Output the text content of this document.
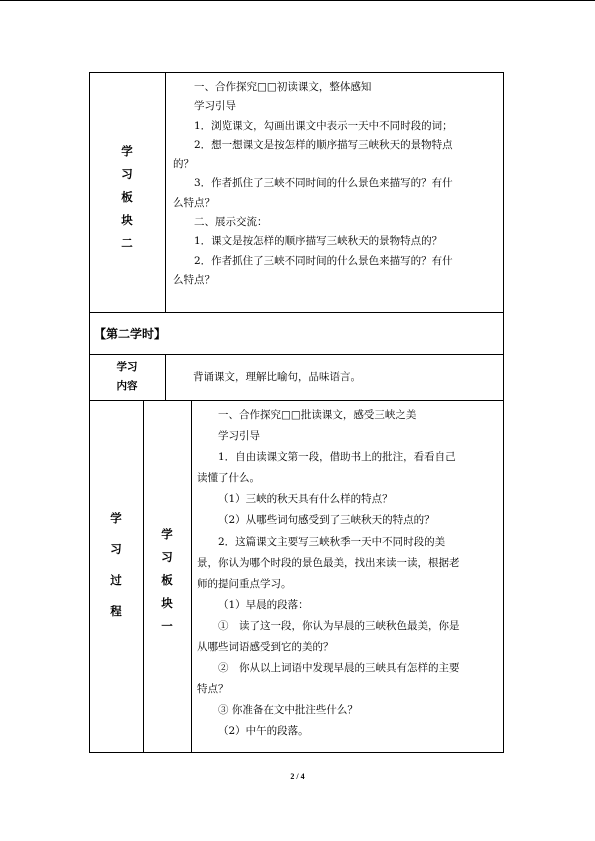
学
习
板
块
二

一、合作探究□□初读课文，整体感知

学习引导

1．浏览课文，勾画出课文中表示一天中不同时段的词；

2．想一想课文是按怎样的顺序描写三峡秋天的景物特点

的？

3．作者抓住了三峡不同时间的什么景色来描写的？有什

么特点？

二、展示交流：

1．课文是按怎样的顺序描写三峡秋天的景物特点的？

2．作者抓住了三峡不同时间的什么景色来描写的？有什

么特点？

【第二学时】
学习
内容
背诵课文，理解比喻句，品味语言。
学
习
过
程
学
习
板
块
一

一、合作探究□□批读课文，感受三峡之美

学习引导

1．自由读课文第一段，借助书上的批注，看看自己

读懂了什么。

（1）三峡的秋天具有什么样的特点？

（2）从哪些词句感受到了三峡秋天的特点的？

2．这篇课文主要写三峡秋季一天中不同时段的美

景，你认为哪个时段的景色最美，找出来读一读，根据老

师的提问重点学习。

（1）早晨的段落：

①　读了这一段，你认为早晨的三峡秋色最美，你是

从哪些词语感受到它的美的？

②　你从以上词语中发现早晨的三峡具有怎样的主要

特点？

③ 你准备在文中批注些什么？

（2）中午的段落。

2 / 4
